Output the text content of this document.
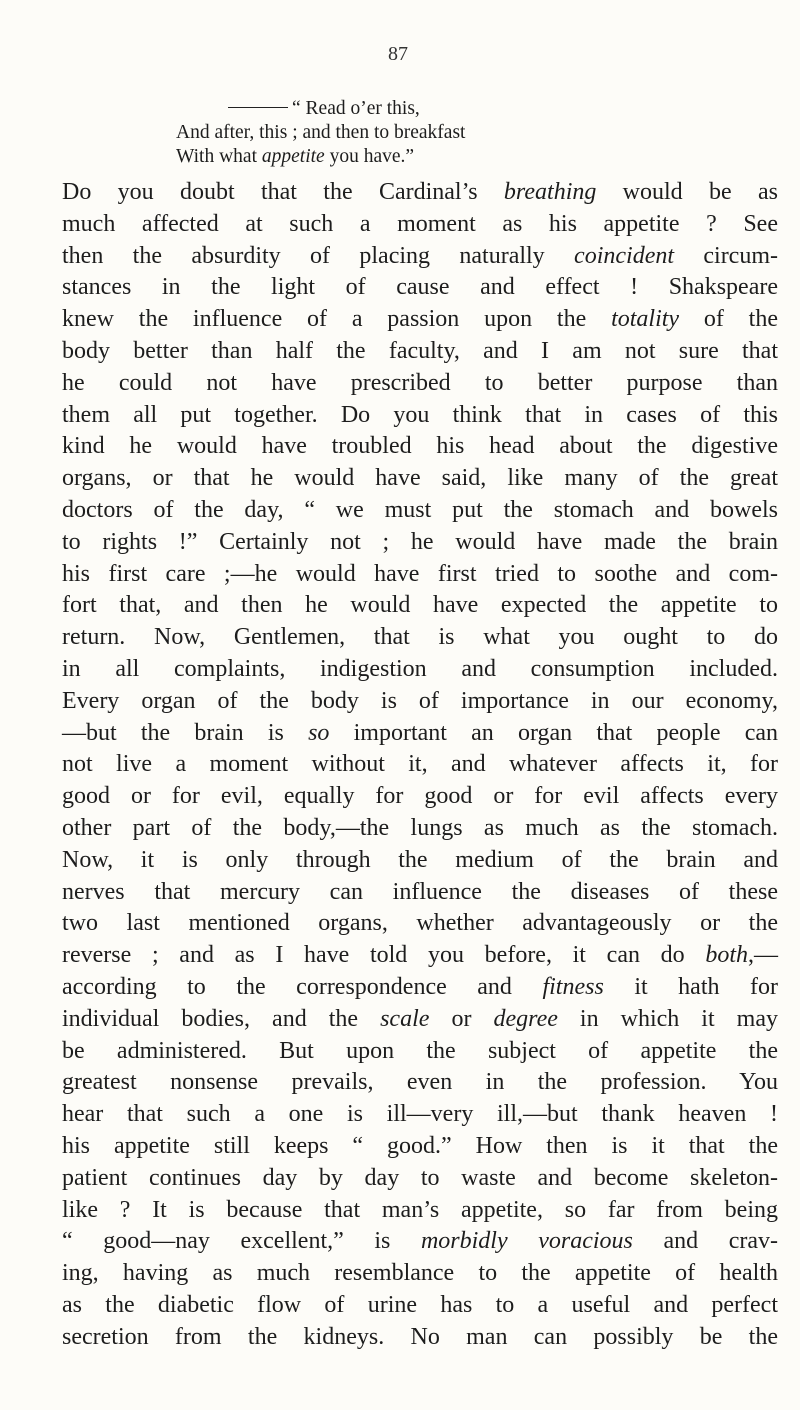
87
“ Read o’er this,
And after, this ; and then to breakfast
With what appetite you have.”
Do you doubt that the Cardinal’s breathing would be as
much affected at such a moment as his appetite ? See
then the absurdity of placing naturally coincident circum-
stances in the light of cause and effect ! Shakspeare
knew the influence of a passion upon the totality of the
body better than half the faculty, and I am not sure that
he could not have prescribed to better purpose than
them all put together. Do you think that in cases of this
kind he would have troubled his head about the digestive
organs, or that he would have said, like many of the great
doctors of the day, “ we must put the stomach and bowels
to rights !” Certainly not ; he would have made the brain
his first care ;—he would have first tried to soothe and com-
fort that, and then he would have expected the appetite to
return. Now, Gentlemen, that is what you ought to do
in all complaints, indigestion and consumption included.
Every organ of the body is of importance in our economy,
—but the brain is so important an organ that people can
not live a moment without it, and whatever affects it, for
good or for evil, equally for good or for evil affects every
other part of the body,—the lungs as much as the stomach.
Now, it is only through the medium of the brain and
nerves that mercury can influence the diseases of these
two last mentioned organs, whether advantageously or the
reverse ; and as I have told you before, it can do both,—
according to the correspondence and fitness it hath for
individual bodies, and the scale or degree in which it may
be administered. But upon the subject of appetite the
greatest nonsense prevails, even in the profession. You
hear that such a one is ill—very ill,—but thank heaven !
his appetite still keeps “ good.” How then is it that the
patient continues day by day to waste and become skeleton-
like ? It is because that man’s appetite, so far from being
“ good—nay excellent,” is morbidly voracious and crav-
ing, having as much resemblance to the appetite of health
as the diabetic flow of urine has to a useful and perfect
secretion from the kidneys. No man can possibly be the
